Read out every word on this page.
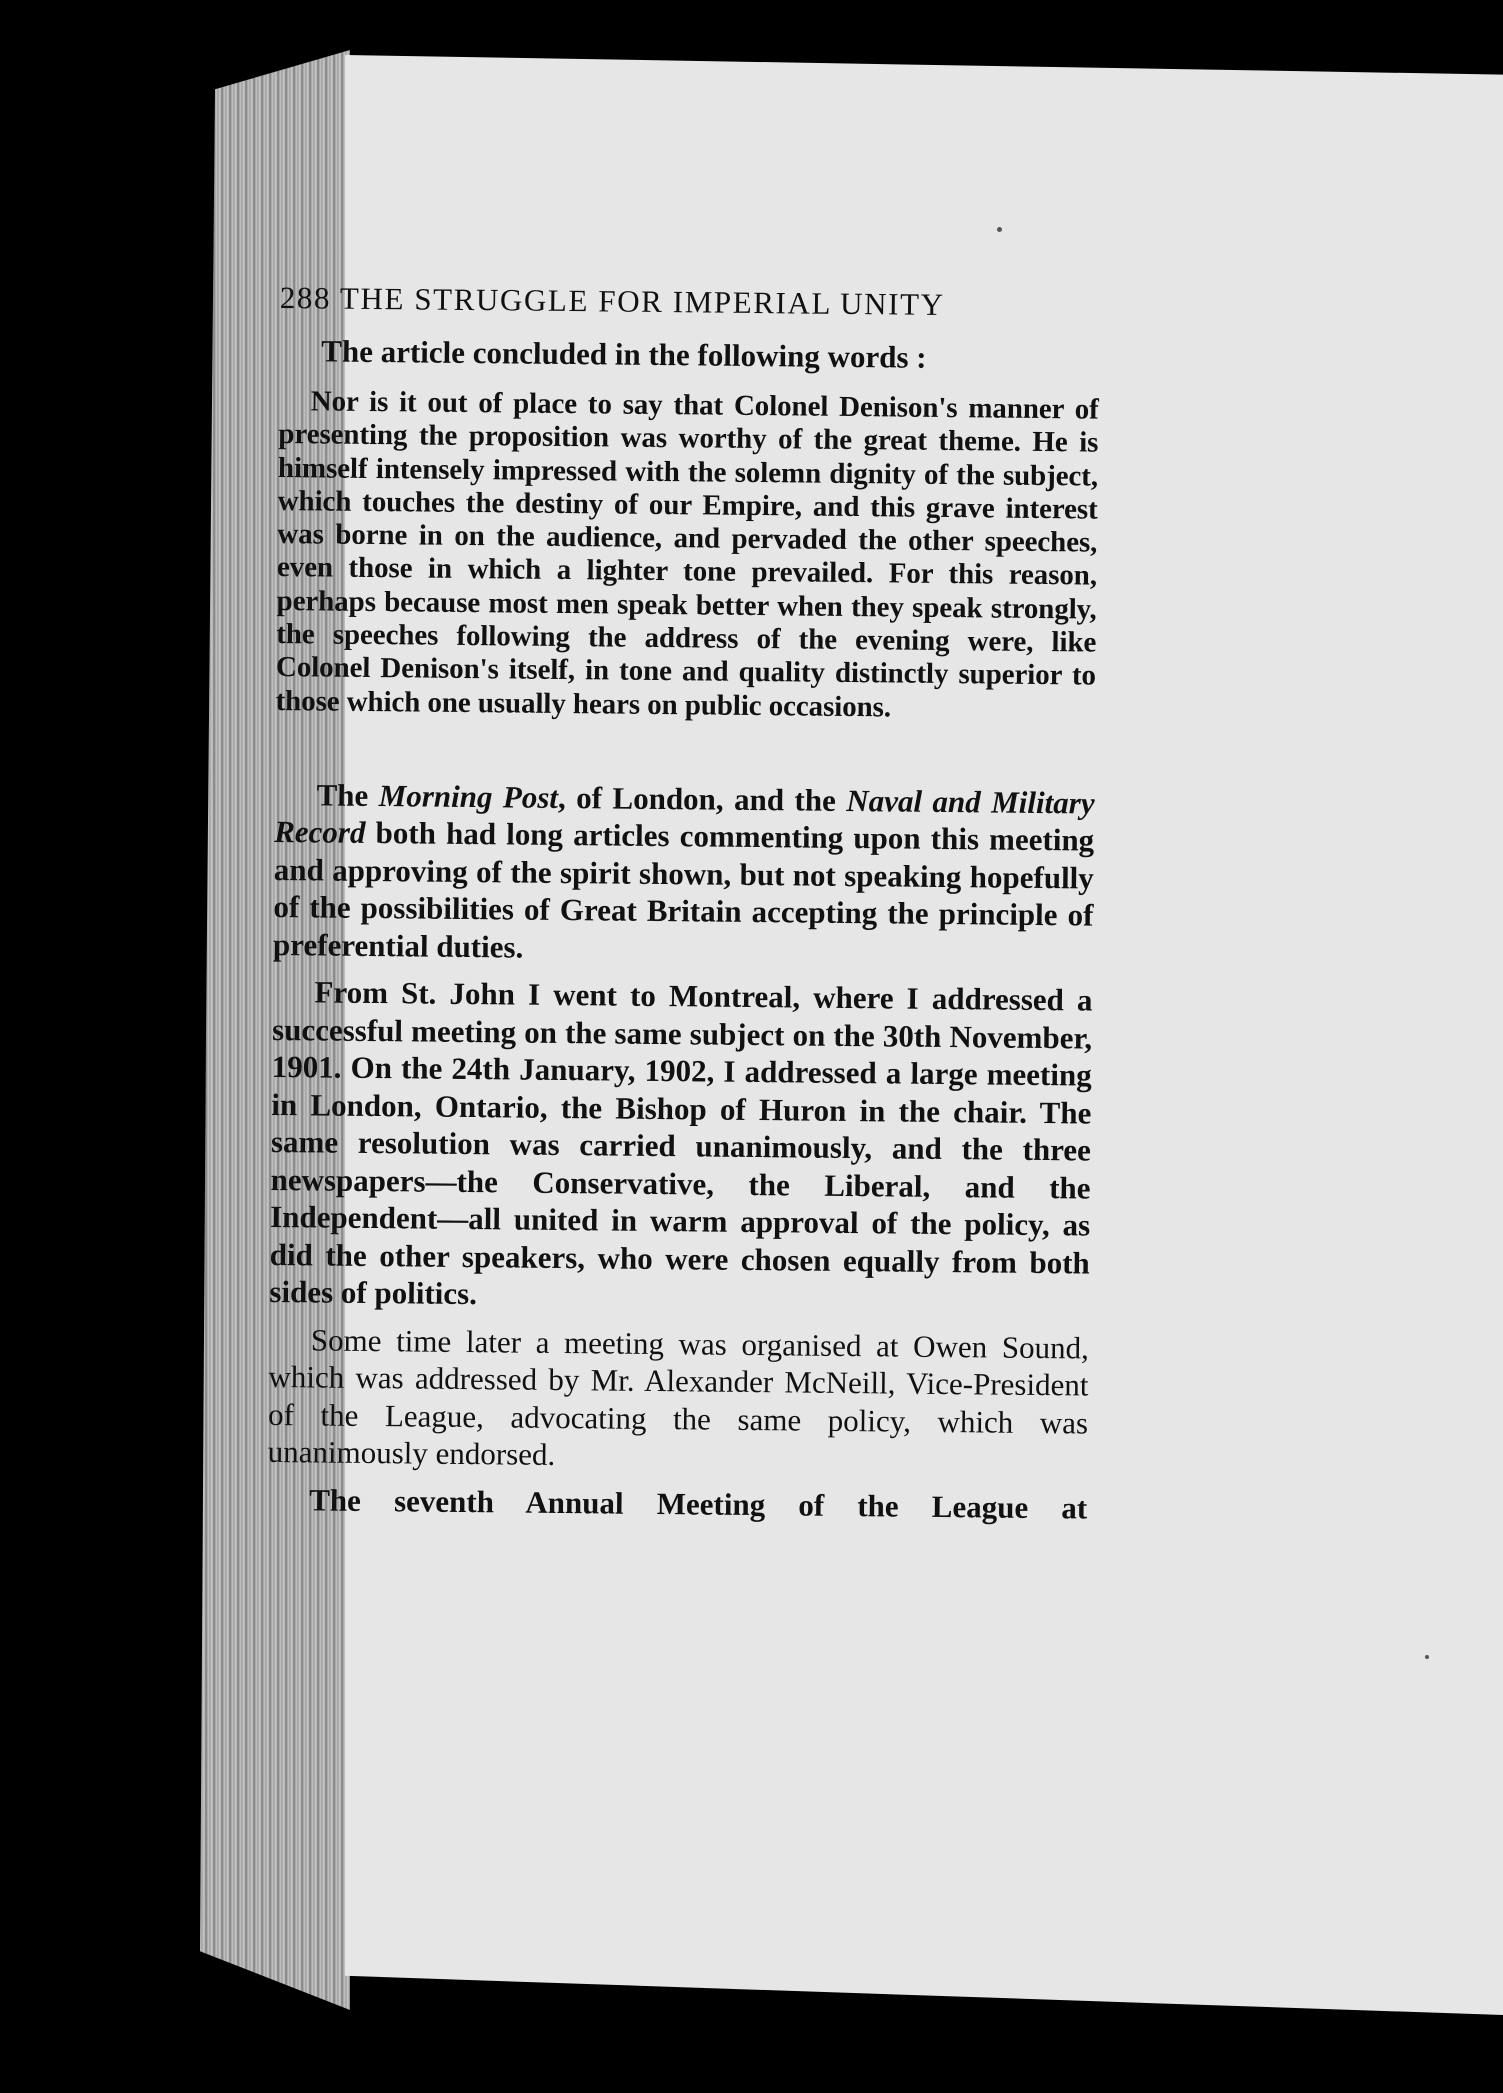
288 THE STRUGGLE FOR IMPERIAL UNITY

The article concluded in the following words :

Nor is it out of place to say that Colonel Denison's manner of presenting the proposition was worthy of the great theme. He is himself intensely impressed with the solemn dignity of the subject, which touches the destiny of our Empire, and this grave interest was borne in on the audience, and pervaded the other speeches, even those in which a lighter tone prevailed. For this reason, perhaps because most men speak better when they speak strongly, the speeches following the address of the evening were, like Colonel Denison's itself, in tone and quality distinctly superior to those which one usually hears on public occasions.

The Morning Post, of London, and the Naval and Military Record both had long articles commenting upon this meeting and approving of the spirit shown, but not speaking hopefully of the possibilities of Great Britain accepting the principle of preferential duties.

From St. John I went to Montreal, where I addressed a successful meeting on the same subject on the 30th November, 1901. On the 24th January, 1902, I addressed a large meeting in London, Ontario, the Bishop of Huron in the chair. The same resolution was carried unanimously, and the three newspapers—the Conservative, the Liberal, and the Independent—all united in warm approval of the policy, as did the other speakers, who were chosen equally from both sides of politics.

Some time later a meeting was organised at Owen Sound, which was addressed by Mr. Alexander McNeill, Vice-President of the League, advocating the same policy, which was unanimously endorsed.

The seventh Annual Meeting of the League at
